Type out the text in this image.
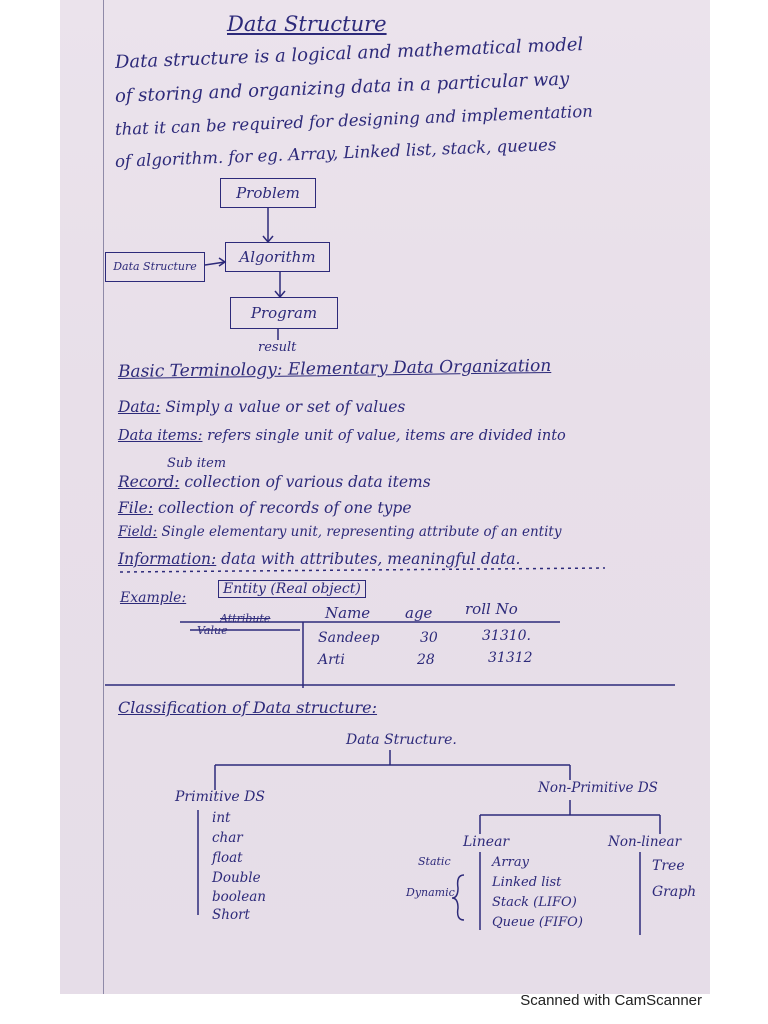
Data Structure
Data structure is a logical and mathematical model
of storing and organizing data in a particular way
that it can be required for designing and implementation
of algorithm. for eg. Array, Linked list, stack, queues
Problem
Data Structure
Algorithm
Program
result
Basic Terminology: Elementary Data Organization
Data: Simply a value or set of values
Data items: refers single unit of value, items are divided into
Sub item
Record: collection of various data items
File: collection of records of one type
Field: Single elementary unit, representing attribute of an entity
Information: data with attributes, meaningful data.
Example:
Entity (Real object)
Attribute
Value
Name age roll No
Sandeep	30	31310.
Arti	28	31312
Classification of Data structure:
Data Structure.
Primitive DS
int
char
float
Double
boolean
Short
Non-Primitive DS
Linear
Static
Dynamic
Array
Linked list
Stack (LIFO)
Queue (FIFO)
Non-linear
Tree
Graph
Scanned with CamScanner
